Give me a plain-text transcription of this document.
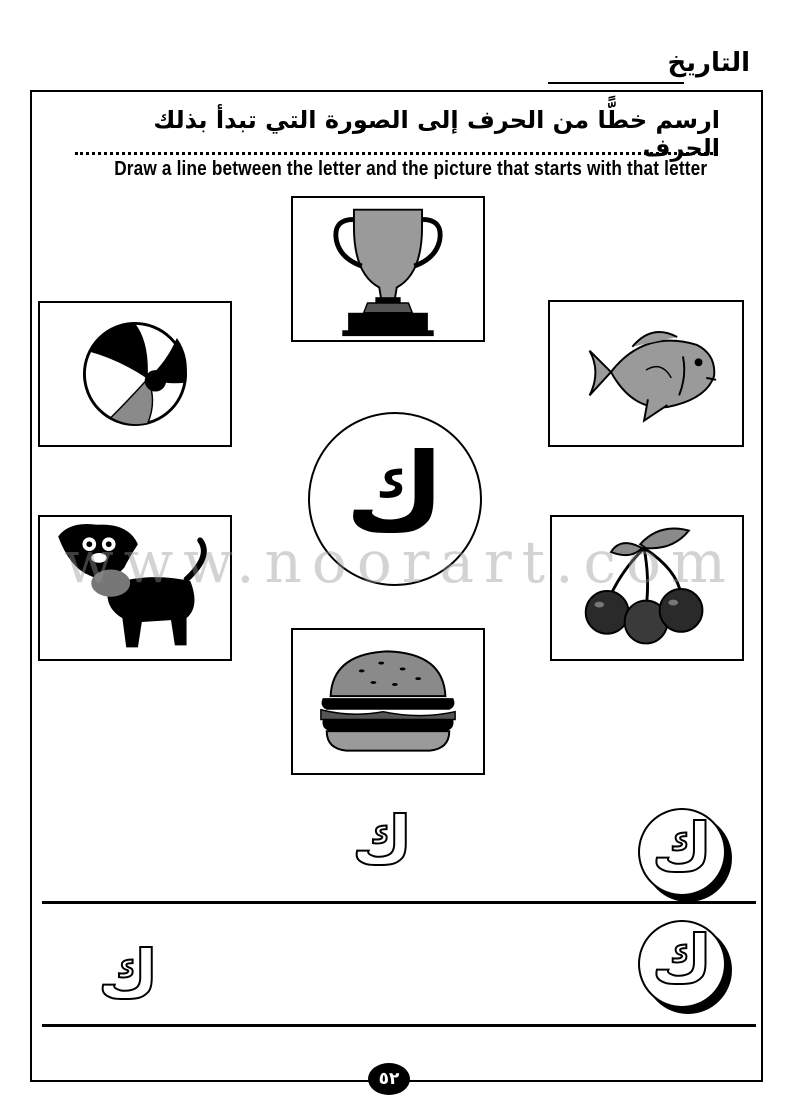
التاريخ
ارسم خطًّا من الحرف إلى الصورة التي تبدأ بذلك الحرف
Draw a line between the letter and the picture that starts with that letter
ك
www.noorart.com
ك
ك
ك
ك
٥٢
